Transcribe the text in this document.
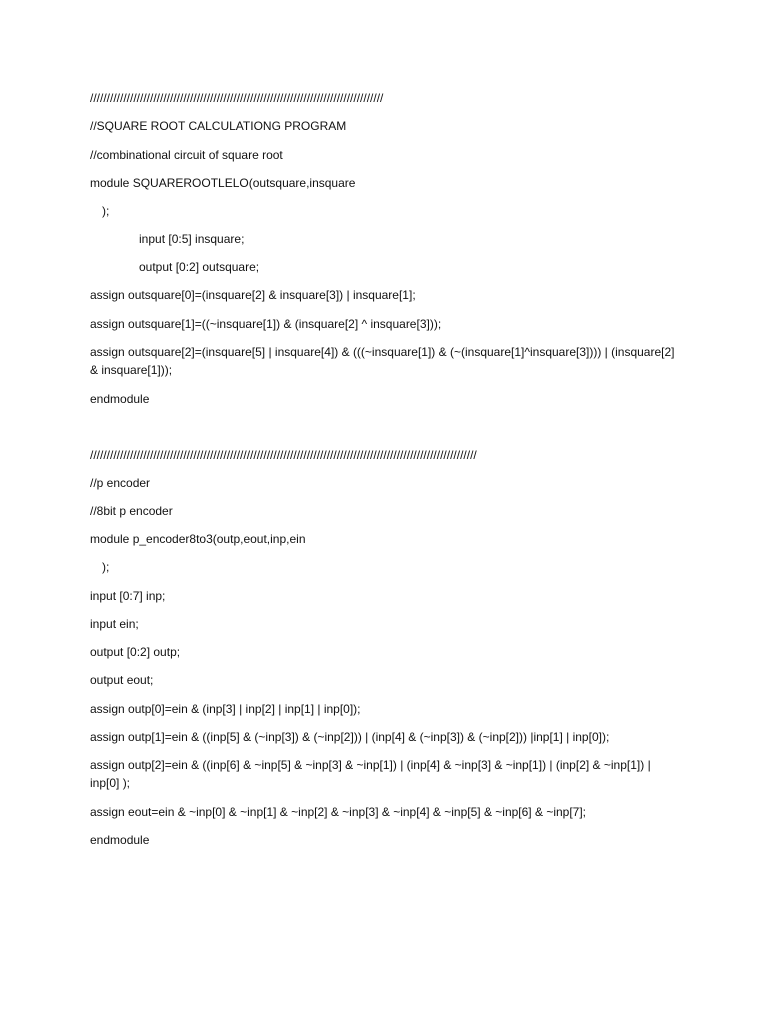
////////////////////////////////////////////////////////////////////////////////////////

//SQUARE ROOT CALCULATIONG PROGRAM

//combinational circuit of square root

module SQUAREROOTLELO(outsquare,insquare

);

input [0:5] insquare;

output [0:2] outsquare;

assign outsquare[0]=(insquare[2] & insquare[3]) | insquare[1];

assign outsquare[1]=((~insquare[1]) & (insquare[2] ^ insquare[3]));

assign outsquare[2]=(insquare[5] | insquare[4]) & (((~insquare[1]) & (~(insquare[1]^insquare[3]))) | (insquare[2] & insquare[1]));

endmodule

////////////////////////////////////////////////////////////////////////////////////////////////////////////////////

//p encoder

//8bit p encoder

module p_encoder8to3(outp,eout,inp,ein

);

input [0:7] inp;

input ein;

output [0:2] outp;

output eout;

assign outp[0]=ein & (inp[3] | inp[2] | inp[1] | inp[0]);

assign outp[1]=ein & ((inp[5] & (~inp[3]) & (~inp[2])) | (inp[4] & (~inp[3]) & (~inp[2])) |inp[1] | inp[0]);

assign outp[2]=ein & ((inp[6] & ~inp[5] & ~inp[3] & ~inp[1]) | (inp[4] & ~inp[3] & ~inp[1]) | (inp[2] & ~inp[1]) | inp[0] );

assign eout=ein & ~inp[0] & ~inp[1] & ~inp[2] & ~inp[3] & ~inp[4] & ~inp[5] & ~inp[6] & ~inp[7];

endmodule
